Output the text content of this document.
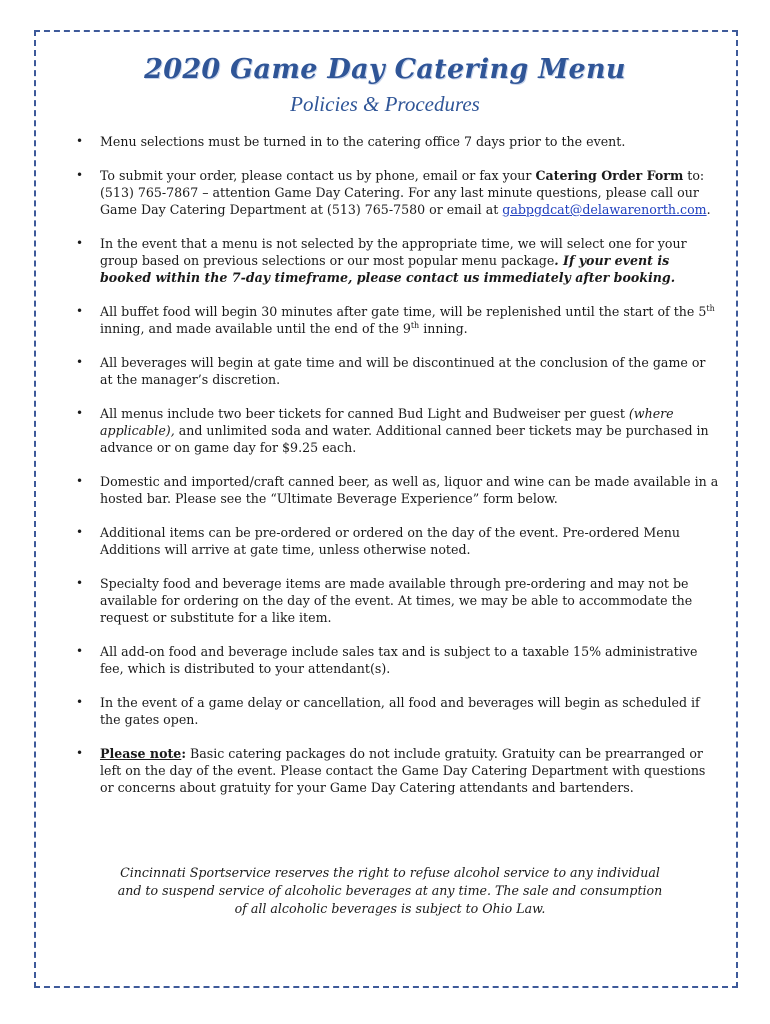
2020 Game Day Catering Menu
Policies & Procedures
• Menu selections must be turned in to the catering office 7 days prior to the event.
• To submit your order, please contact us by phone, email or fax your Catering Order Form to: (513) 765-7867 – attention Game Day Catering. For any last minute questions, please call our Game Day Catering Department at (513) 765-7580 or email at gabpgdcat@delawarenorth.com.
• In the event that a menu is not selected by the appropriate time, we will select one for your group based on previous selections or our most popular menu package. If your event is booked within the 7-day timeframe, please contact us immediately after booking.
• All buffet food will begin 30 minutes after gate time, will be replenished until the start of the 5th inning, and made available until the end of the 9th inning.
• All beverages will begin at gate time and will be discontinued at the conclusion of the game or at the manager’s discretion.
• All menus include two beer tickets for canned Bud Light and Budweiser per guest (where applicable), and unlimited soda and water. Additional canned beer tickets may be purchased in advance or on game day for $9.25 each.
• Domestic and imported/craft canned beer, as well as, liquor and wine can be made available in a hosted bar. Please see the “Ultimate Beverage Experience” form below.
• Additional items can be pre-ordered or ordered on the day of the event. Pre-ordered Menu Additions will arrive at gate time, unless otherwise noted.
• Specialty food and beverage items are made available through pre-ordering and may not be available for ordering on the day of the event. At times, we may be able to accommodate the request or substitute for a like item.
• All add-on food and beverage include sales tax and is subject to a taxable 15% administrative fee, which is distributed to your attendant(s).
• In the event of a game delay or cancellation, all food and beverages will begin as scheduled if the gates open.
• Please note: Basic catering packages do not include gratuity. Gratuity can be prearranged or left on the day of the event. Please contact the Game Day Catering Department with questions or concerns about gratuity for your Game Day Catering attendants and bartenders.
Cincinnati Sportservice reserves the right to refuse alcohol service to any individual
and to suspend service of alcoholic beverages at any time. The sale and consumption
of all alcoholic beverages is subject to Ohio Law.
